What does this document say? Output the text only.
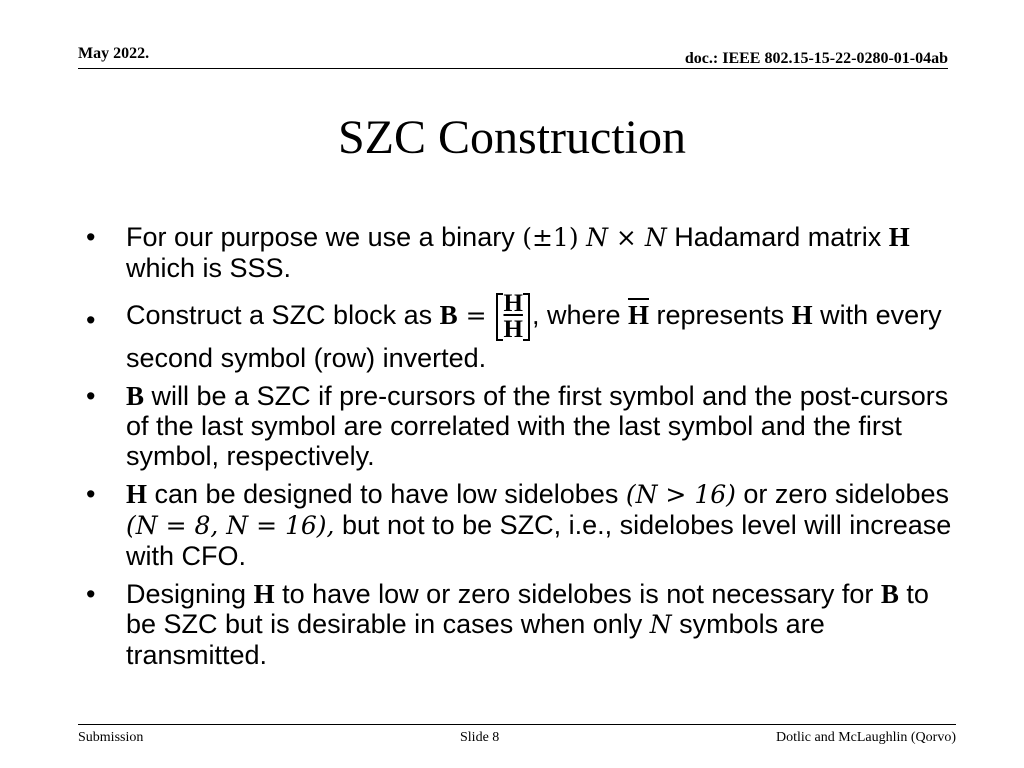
May 2022.	doc.: IEEE 802.15-15-22-0280-01-04ab
SZC Construction
• For our purpose we use a binary (±1) N × N Hadamard matrix H which is SSS.
• Construct a SZC block as $B = \frac{H}{H}$ , where $\overline{H}$ represents H with every second symbol (row) inverted.
• B will be a SZC if pre-cursors of the first symbol and the post-cursors of the last symbol are correlated with the last symbol and the first symbol, respectively.
• H can be designed to have low sidelobes (N > 16) or zero sidelobes (N = 8, N = 16), but not to be SZC, i.e., sidelobes level will increase with CFO.
• Designing H to have low or zero sidelobes is not necessary for B to be SZC but is desirable in cases when only N symbols are transmitted.
Submission	Slide 8	Dotlic and McLaughlin (Qorvo)
